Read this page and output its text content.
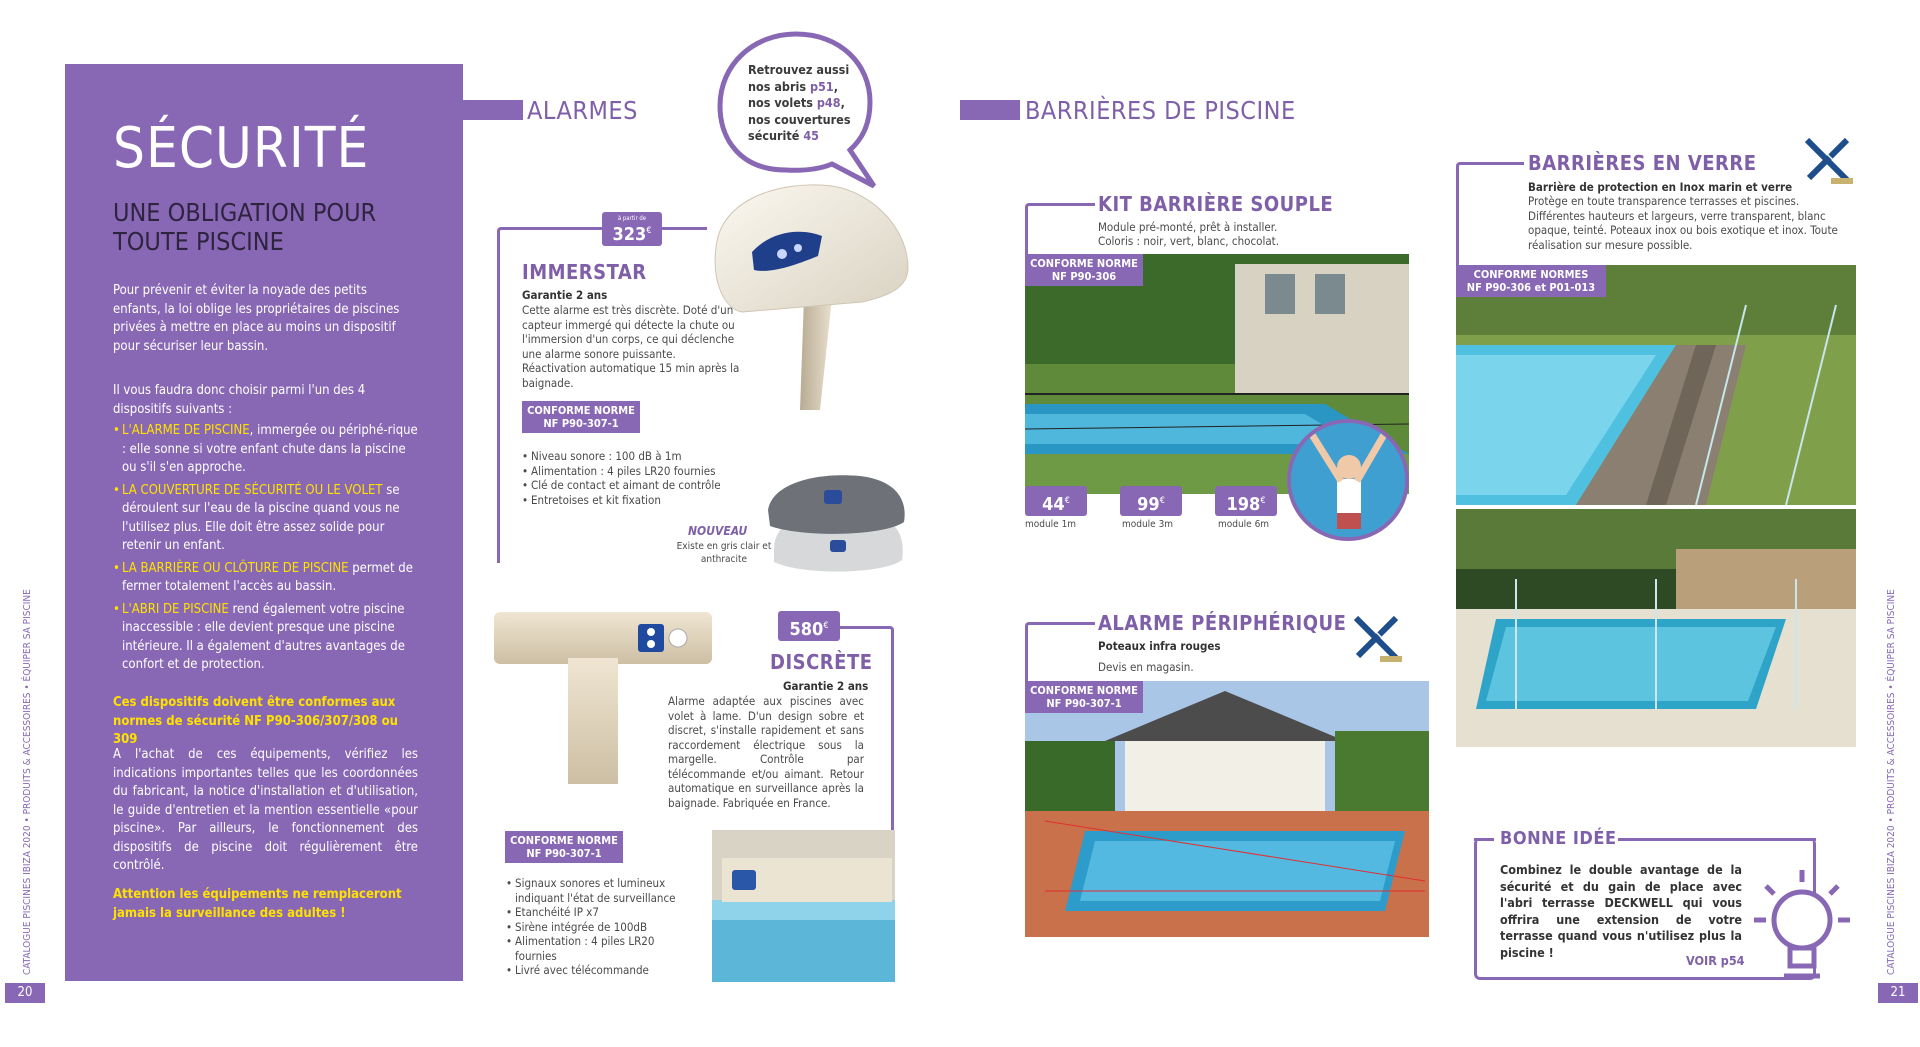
CATALOGUE PISCINES IBIZA 2020 • PRODUITS & ACCESSOIRES • ÉQUIPER SA PISCINE
20
SÉCURITÉ
UNE OBLIGATION POUR TOUTE PISCINE
Pour prévenir et éviter la noyade des petits enfants, la loi oblige les propriétaires de piscines privées à mettre en place au moins un dispositif pour sécuriser leur bassin.
Il vous faudra donc choisir parmi l'un des 4 dispositifs suivants :
• L'ALARME DE PISCINE, immergée ou périphé-rique : elle sonne si votre enfant chute dans la piscine ou s'il s'en approche.
• LA COUVERTURE DE SÉCURITÉ OU LE VOLET se déroulent sur l'eau de la piscine quand vous ne l'utilisez plus. Elle doit être assez solide pour retenir un enfant.
• LA BARRIÈRE OU CLÔTURE DE PISCINE permet de fermer totalement l'accès au bassin.
• L'ABRI DE PISCINE rend également votre piscine inaccessible : elle devient presque une piscine intérieure. Il a également d'autres avantages de confort et de protection.
Ces dispositifs doivent être conformes aux normes de sécurité NF P90-306/307/308 ou 309
A l'achat de ces équipements, vérifiez les indications importantes telles que les coordonnées du fabricant, la notice d'installation et d'utilisation, le guide d'entretien et la mention essentielle «pour piscine». Par ailleurs, le fonctionnement des dispositifs de piscine doit régulièrement être contrôlé.
Attention les équipements ne remplaceront jamais la surveillance des adultes !
ALARMES
Retrouvez aussi
nos abris p51,
nos volets p48,
nos couvertures
sécurité 45
à partir de
323€
IMMERSTAR
Garantie 2 ans
Cette alarme est très discrète. Doté d'un capteur immergé qui détecte la chute ou l'immersion d'un corps, ce qui déclenche une alarme sonore puissante. Réactivation automatique 15 min après la baignade.
CONFORME NORME
NF P90-307-1
• Niveau sonore : 100 dB à 1m
• Alimentation : 4 piles LR20 fournies
• Clé de contact et aimant de contrôle
• Entretoises et kit fixation
NOUVEAU
Existe en gris clair et anthracite
580€
DISCRÈTE
Garantie 2 ans
Alarme adaptée aux piscines avec volet à lame. D'un design sobre et discret, s'installe rapidement et sans raccordement électrique sous la margelle. Contrôle par télécommande et/ou aimant. Retour automatique en surveillance après la baignade. Fabriquée en France.
CONFORME NORME
NF P90-307-1
• Signaux sonores et lumineux indiquant l'état de surveillance
• Etanchéité IP x7
• Sirène intégrée de 100dB
• Alimentation : 4 piles LR20 fournies
• Livré avec télécommande
BARRIÈRES DE PISCINE
KIT BARRIÈRE SOUPLE
Module pré-monté, prêt à installer.
Coloris : noir, vert, blanc, chocolat.
CONFORME NORME
NF P90-306
44€
module 1m
99€
module 3m
198€
module 6m
ALARME PÉRIPHÉRIQUE
Poteaux infra rouges
Devis en magasin.
CONFORME NORME
NF P90-307-1
BARRIÈRES EN VERRE
Barrière de protection en Inox marin et verre
Protège en toute transparence terrasses et piscines. Différentes hauteurs et largeurs, verre transparent, blanc opaque, teinté. Poteaux inox ou bois exotique et inox. Toute réalisation sur mesure possible.
CONFORME NORMES
NF P90-306 et P01-013
BONNE IDÉE
Combinez le double avantage de la sécurité et du gain de place avec l'abri terrasse DECKWELL qui vous offrira une extension de votre terrasse quand vous n'utilisez plus la piscine !
VOIR p54	CATALOGUE PISCINES IBIZA 2020 • PRODUITS & ACCESSOIRES • ÉQUIPER SA PISCINE
21
